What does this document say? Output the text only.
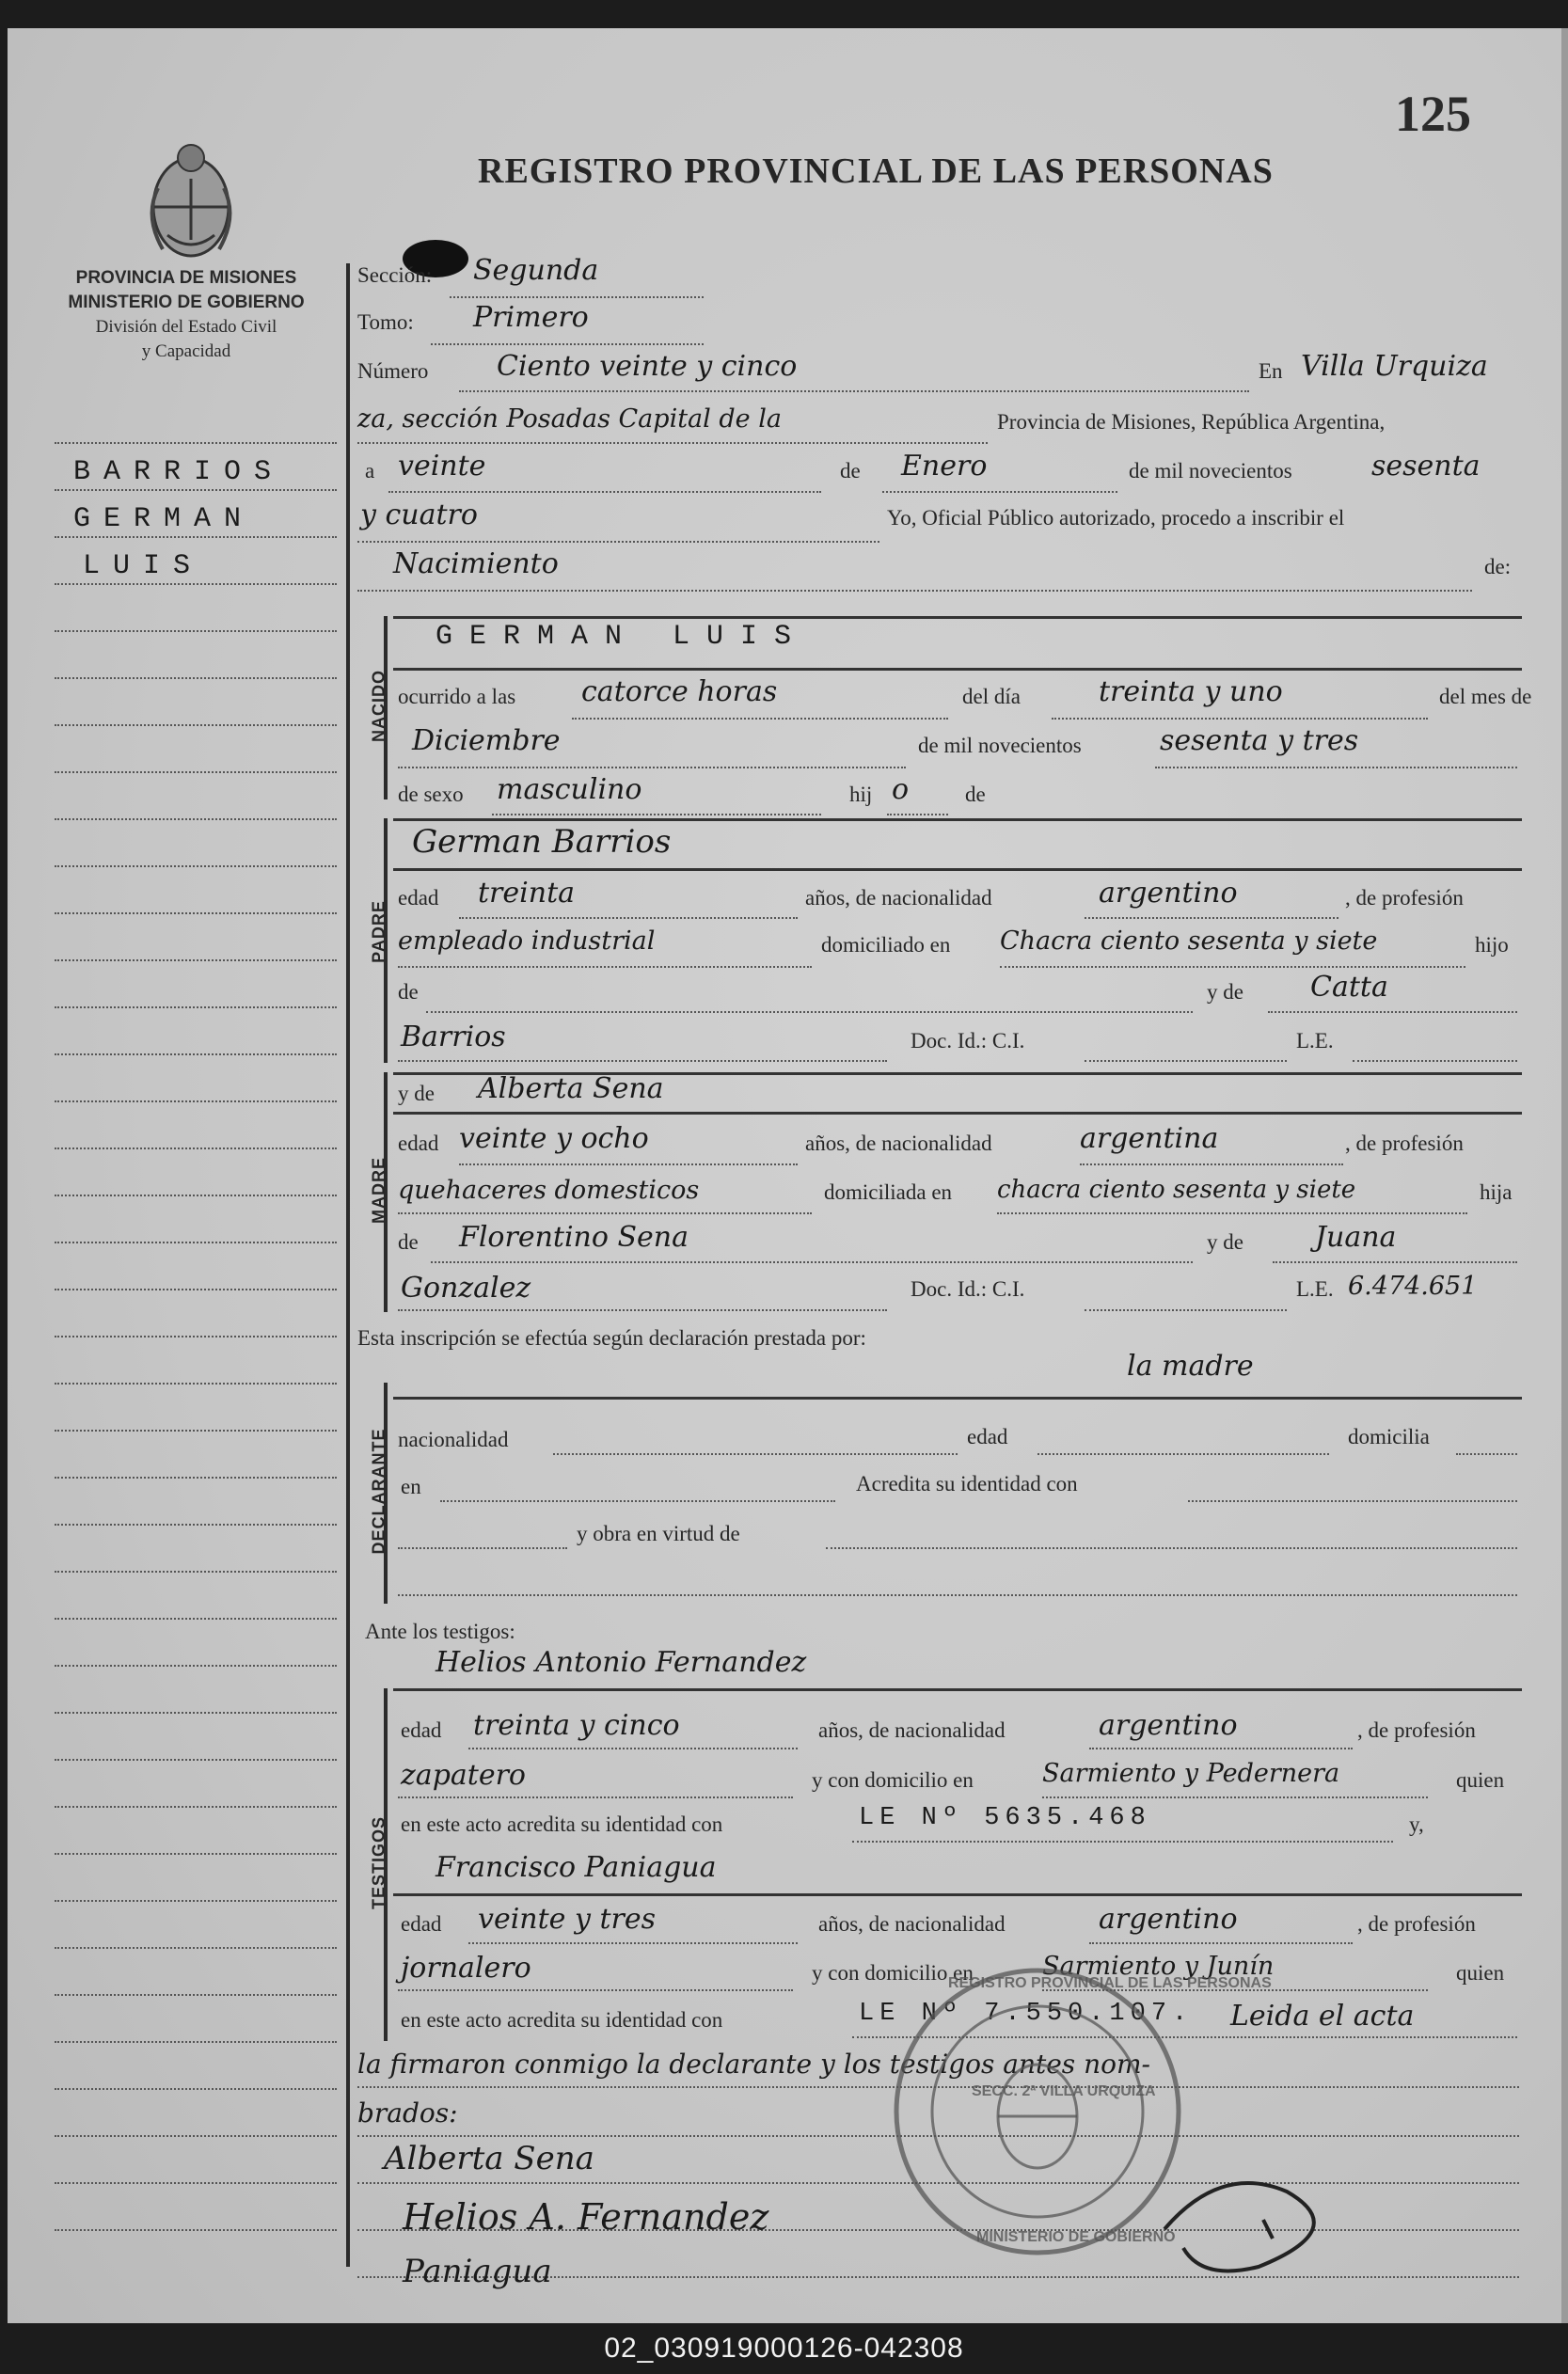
125
REGISTRO PROVINCIAL DE LAS PERSONAS
PROVINCIA DE MISIONES
MINISTERIO DE GOBIERNO
División del Estado Civil
y Capacidad
BARRIOS
GERMAN
LUIS
Sección: Segunda
Tomo: Primero
Número Ciento veinte y cinco	En Villa Urquiza
za, sección Posadas Capital de la	Provincia de Misiones, República Argentina,
a veinte	de Enero	de mil novecientos	sesenta
y cuatro	Yo, Oficial Público autorizado, procedo a inscribir el
Nacimiento	de:
NACIDO
GERMAN LUIS
ocurrido a las catorce horas	del día	treinta y uno	del mes de
Diciembre	de mil novecientos	sesenta y tres
de sexo masculino	hij o	de
PADRE
German Barrios
edad treinta	años, de nacionalidad	argentino	, de profesión
empleado industrial	domiciliado en Chacra ciento sesenta y siete	hijo
de	y de Catta
Barrios	Doc. Id.: C.I.	L.E.
MADRE
y de Alberta Sena
edad veinte y ocho	años, de nacionalidad	argentina	, de profesión
quehaceres domesticos	domiciliada en chacra ciento sesenta y siete	hija
de Florentino Sena	y de	Juana
Gonzalez	Doc. Id.: C.I.	L.E. 6.474.651
Esta inscripción se efectúa según declaración prestada por:
DECLARANTE
la madre
nacionalidad	edad	domicilia
en	Acredita su identidad con
y obra en virtud de
Ante los testigos:
Helios Antonio Fernandez
TESTIGOS
edad treinta y cinco	años, de nacionalidad	argentino	, de profesión
zapatero	y con domicilio en	Sarmiento y Pedernera	quien
en este acto acredita su identidad con	LE Nº 5635.468	y,
Francisco Paniagua
edad veinte y tres	años, de nacionalidad	argentino	, de profesión
jornalero	y con domicilio en	Sarmiento y Junín	quien
en este acto acredita su identidad con	LE Nº 7.550.107. Leida el acta
la firmaron conmigo la declarante y los testigos antes nom-
brados:
Alberta Sena
Helios A. Fernandez
Paniagua
REGISTRO PROVINCIAL DE LAS PERSONAS
SECC. 2ª VILLA URQUIZA
MINISTERIO DE GOBIERNO
02_030919000126-042308
